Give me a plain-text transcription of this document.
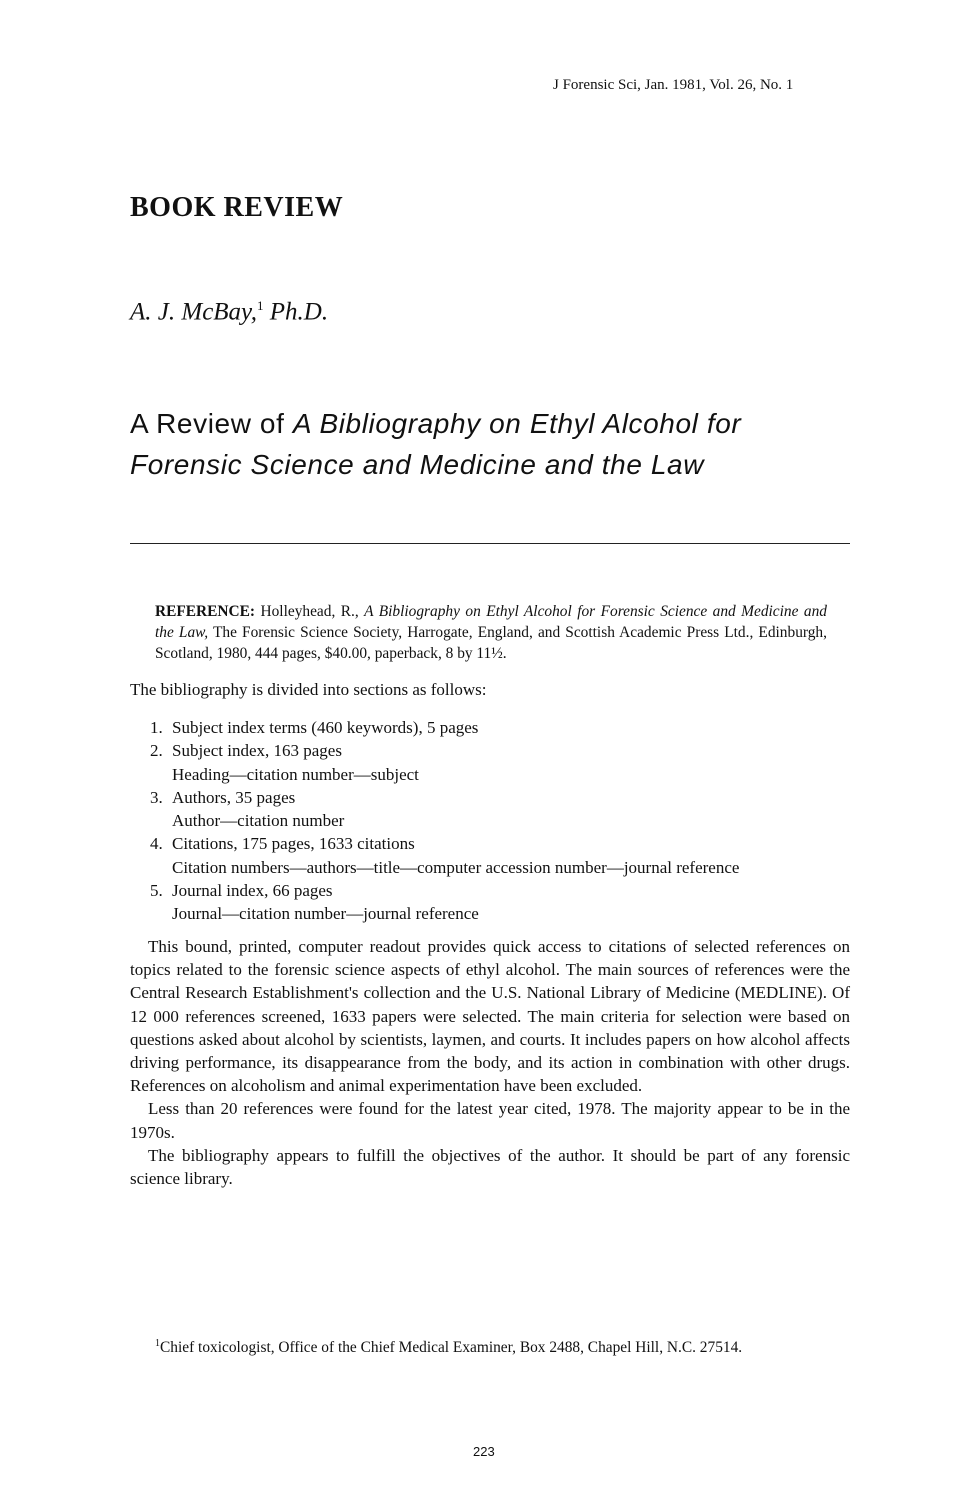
J Forensic Sci, Jan. 1981, Vol. 26, No. 1
BOOK REVIEW
A. J. McBay,$^1$ Ph.D.
A Review of A Bibliography on Ethyl Alcohol for
Forensic Science and Medicine and the Law
REFERENCE: Holleyhead, R., A Bibliography on Ethyl Alcohol for Forensic Science and Medicine and the Law, The Forensic Science Society, Harrogate, England, and Scottish Academic Press Ltd., Edinburgh, Scotland, 1980, 444 pages, $40.00, paperback, 8 by 11½.
The bibliography is divided into sections as follows:
1. Subject index terms (460 keywords), 5 pages
2. Subject index, 163 pages
Heading—citation number—subject
3. Authors, 35 pages
Author—citation number
4. Citations, 175 pages, 1633 citations
Citation numbers—authors—title—computer accession number—journal reference
5. Journal index, 66 pages
Journal—citation number—journal reference

This bound, printed, computer readout provides quick access to citations of selected references on topics related to the forensic science aspects of ethyl alcohol. The main sources of references were the Central Research Establishment's collection and the U.S. National Library of Medicine (MEDLINE). Of 12 000 references screened, 1633 papers were selected. The main criteria for selection were based on questions asked about alcohol by scientists, laymen, and courts. It includes papers on how alcohol affects driving performance, its disappearance from the body, and its action in combination with other drugs. References on alcoholism and animal experimentation have been excluded.

Less than 20 references were found for the latest year cited, 1978. The majority appear to be in the 1970s.

The bibliography appears to fulfill the objectives of the author. It should be part of any forensic science library.

$^1$Chief toxicologist, Office of the Chief Medical Examiner, Box 2488, Chapel Hill, N.C. 27514.
223
